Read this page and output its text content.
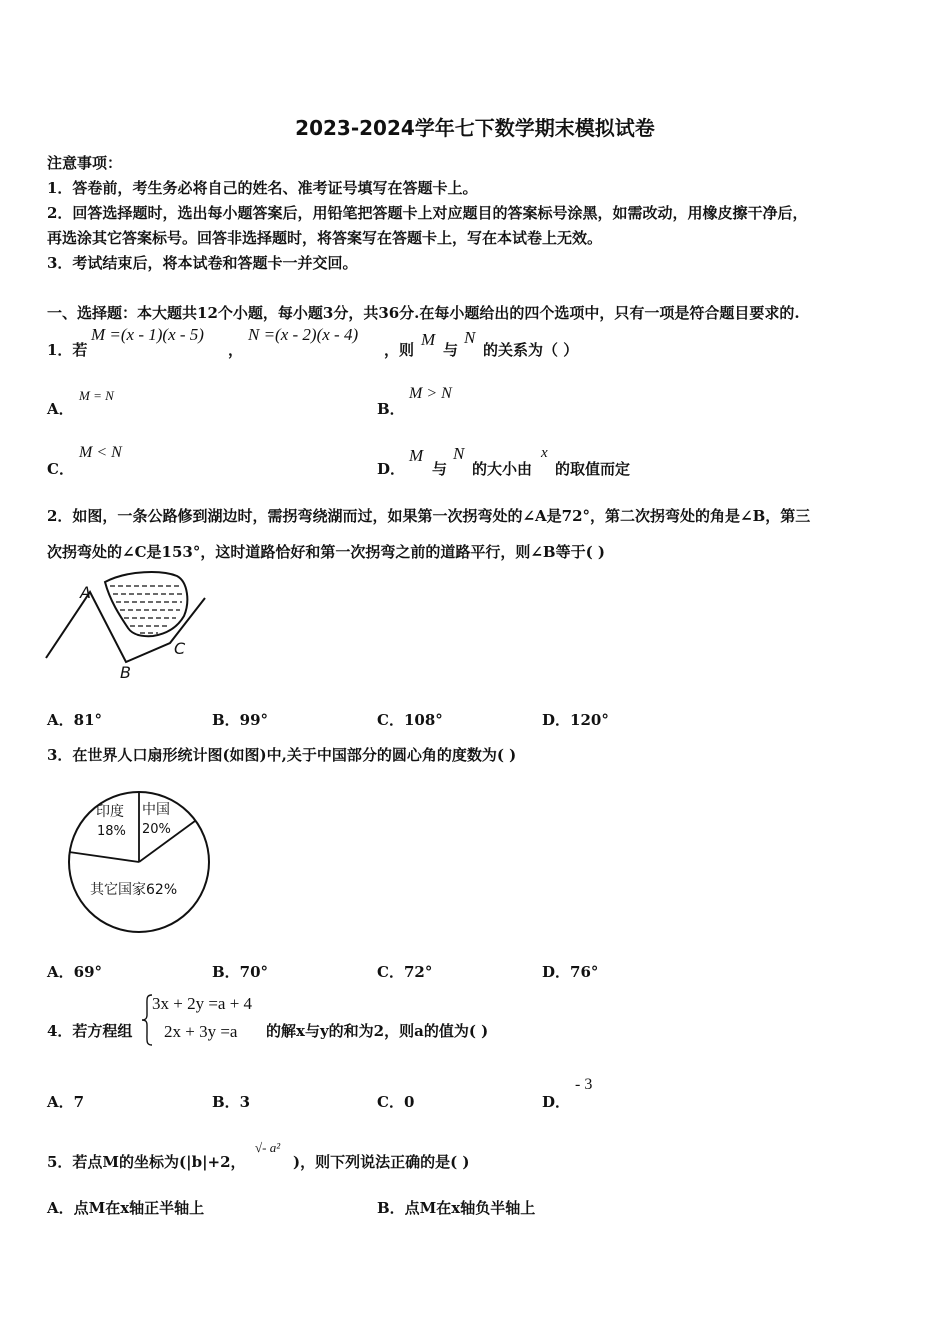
2023-2024学年七下数学期末模拟试卷
注意事项：
1．答卷前，考生务必将自己的姓名、准考证号填写在答题卡上。
2．回答选择题时，选出每小题答案后，用铅笔把答题卡上对应题目的答案标号涂黑，如需改动，用橡皮擦干净后，
再选涂其它答案标号。回答非选择题时，将答案写在答题卡上，写在本试卷上无效。
3．考试结束后，将本试卷和答题卡一并交回。
一、选择题：本大题共12个小题，每小题3分，共36分.在每小题给出的四个选项中，只有一项是符合题目要求的.
1．若
M =(x - 1)(x - 5)
，
N =(x - 2)(x - 4)
，则
M
与
N
的关系为（ ）
A．
M = N
B．
M > N
C．
M < N
D．
M
与
N
的大小由
x
的取值而定
2．如图，一条公路修到湖边时，需拐弯绕湖而过，如果第一次拐弯处的∠A是72°，第二次拐弯处的角是∠B，第三
次拐弯处的∠C是153°，这时道路恰好和第一次拐弯之前的道路平行，则∠B等于( )
A
B
C
A．81°	B．99°	C．108°	D．120°
3．在世界人口扇形统计图(如图)中,关于中国部分的圆心角的度数为( )
印度
18%
中国
20%
其它国家62%
A．69°	B．70°	C．72°	D．76°
4．若方程组
3x + 2y =a + 4
2x + 3y =a 的解x与y的和为2，则a的值为( )
A．7	B．3	C．0	D．
- 3
5．若点M的坐标为(|b|+2，
√- a²
)，则下列说法正确的是( )
A．点M在x轴正半轴上	B．点M在x轴负半轴上
